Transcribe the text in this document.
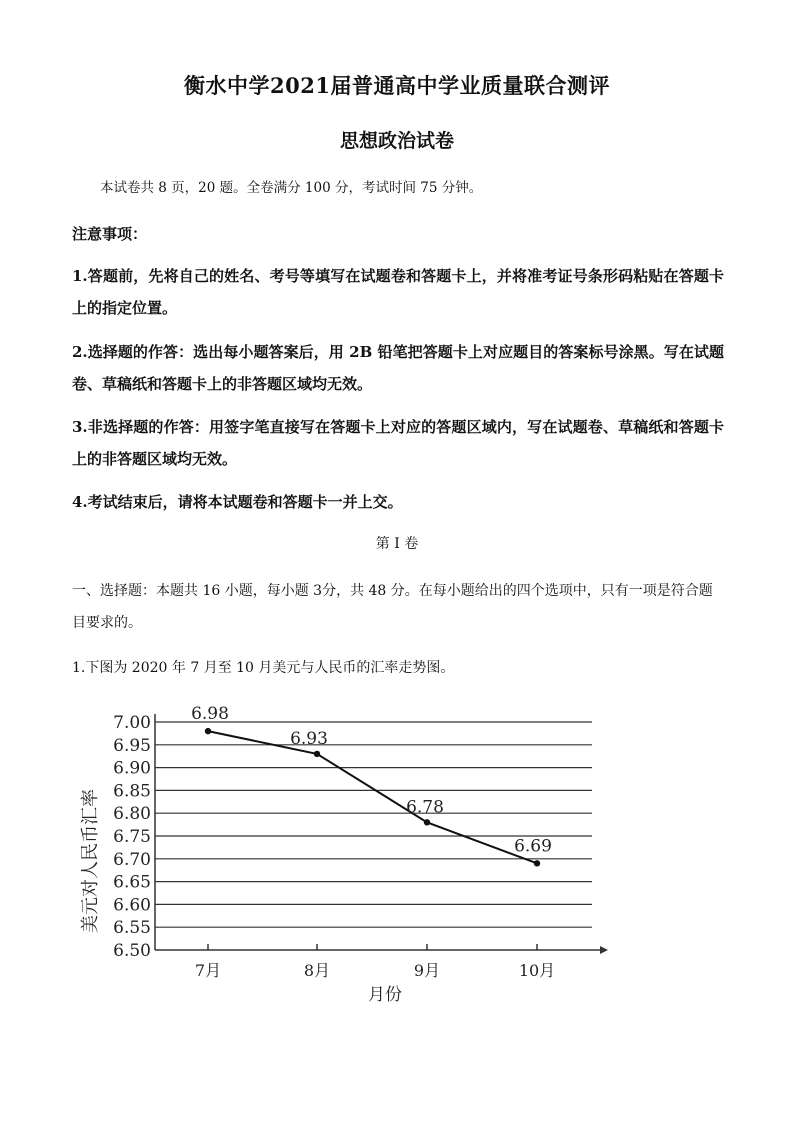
衡水中学2021届普通高中学业质量联合测评
思想政治试卷
本试卷共 8 页，20 题。全卷满分 100 分，考试时间 75 分钟。
注意事项：
1.答题前，先将自己的姓名、考号等填写在试题卷和答题卡上，并将准考证号条形码粘贴在答题卡上的指定位置。
2.选择题的作答：选出每小题答案后，用 2B 铅笔把答题卡上对应题目的答案标号涂黑。写在试题卷、草稿纸和答题卡上的非答题区域均无效。
3.非选择题的作答：用签字笔直接写在答题卡上对应的答题区域内，写在试题卷、草稿纸和答题卡上的非答题区域均无效。
4.考试结束后，请将本试题卷和答题卡一并上交。
第 I 卷
一、选择题：本题共 16 小题，每小题 3分，共 48 分。在每小题给出的四个选项中，只有一项是符合题目要求的。
1.下图为 2020 年 7 月至 10 月美元与人民币的汇率走势图。
6.50
6.55
6.60
6.65
6.70
6.75
6.80
6.85
6.90
6.95
7.00
7月	8月	9月	10月
6.98
6.93
6.78
6.69
月份
美元对人民币汇率
